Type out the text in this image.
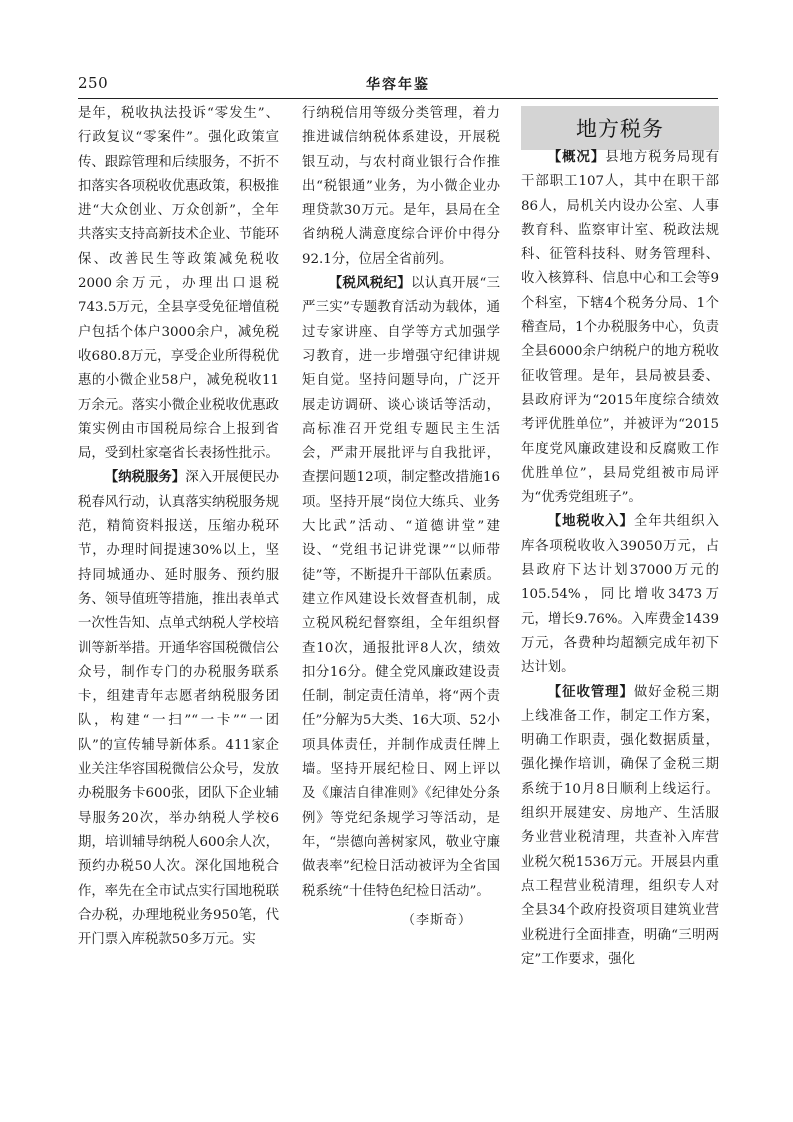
250	华容年鉴

是年，税收执法投诉“零发生”、行政复议“零案件”。强化政策宣传、跟踪管理和后续服务，不折不扣落实各项税收优惠政策，积极推进“大众创业、万众创新”，全年共落实支持高新技术企业、节能环保、改善民生等政策减免税收2000余万元，办理出口退税743.5万元，全县享受免征增值税户包括个体户3000余户，减免税收680.8万元，享受企业所得税优惠的小微企业58户，减免税收11万余元。落实小微企业税收优惠政策实例由市国税局综合上报到省局，受到杜家毫省长表扬性批示。

【纳税服务】深入开展便民办税春风行动，认真落实纳税服务规范，精简资料报送，压缩办税环节，办理时间提速30%以上，坚持同城通办、延时服务、预约服务、领导值班等措施，推出表单式一次性告知、点单式纳税人学校培训等新举措。开通华容国税微信公众号，制作专门的办税服务联系卡，组建青年志愿者纳税服务团队，构建“一扫”“一卡”“一团队”的宣传辅导新体系。411家企业关注华容国税微信公众号，发放办税服务卡600张，团队下企业辅导服务20次，举办纳税人学校6期，培训辅导纳税人600余人次，预约办税50人次。深化国地税合作，率先在全市试点实行国地税联合办税，办理地税业务950笔，代开门票入库税款50多万元。实

行纳税信用等级分类管理，着力推进诚信纳税体系建设，开展税银互动，与农村商业银行合作推出“税银通”业务，为小微企业办理贷款30万元。是年，县局在全省纳税人满意度综合评价中得分92.1分，位居全省前列。

【税风税纪】以认真开展“三严三实”专题教育活动为载体，通过专家讲座、自学等方式加强学习教育，进一步增强守纪律讲规矩自觉。坚持问题导向，广泛开展走访调研、谈心谈话等活动，高标准召开党组专题民主生活会，严肃开展批评与自我批评，查摆问题12项，制定整改措施16项。坚持开展“岗位大练兵、业务大比武”活动、“道德讲堂”建设、“党组书记讲党课”“以师带徒”等，不断提升干部队伍素质。建立作风建设长效督查机制，成立税风税纪督察组，全年组织督查10次，通报批评8人次，绩效扣分16分。健全党风廉政建设责任制，制定责任清单，将“两个责任”分解为5大类、16大项、52小项具体责任，并制作成责任牌上墙。坚持开展纪检日、网上评以及《廉洁自律准则》《纪律处分条例》等党纪条规学习等活动，是年，“崇德向善树家风，敬业守廉做表率”纪检日活动被评为全省国税系统“十佳特色纪检日活动”。

（李斯奇）

地方税务

【概况】县地方税务局现有干部职工107人，其中在职干部86人，局机关内设办公室、人事教育科、监察审计室、税政法规科、征管科技科、财务管理科、收入核算科、信息中心和工会等9个科室，下辖4个税务分局、1个稽查局，1个办税服务中心，负责全县6000余户纳税户的地方税收征收管理。是年，县局被县委、县政府评为“2015年度综合绩效考评优胜单位”，并被评为“2015年度党风廉政建设和反腐败工作优胜单位”，县局党组被市局评为“优秀党组班子”。

【地税收入】全年共组织入库各项税收收入39050万元，占县政府下达计划37000万元的105.54%，同比增收3473万元，增长9.76%。入库费金1439万元，各费种均超额完成年初下达计划。

【征收管理】做好金税三期上线准备工作，制定工作方案，明确工作职责，强化数据质量，强化操作培训，确保了金税三期系统于10月8日顺利上线运行。组织开展建安、房地产、生活服务业营业税清理，共查补入库营业税欠税1536万元。开展县内重点工程营业税清理，组织专人对全县34个政府投资项目建筑业营业税进行全面排查，明确“三明两定”工作要求，强化
